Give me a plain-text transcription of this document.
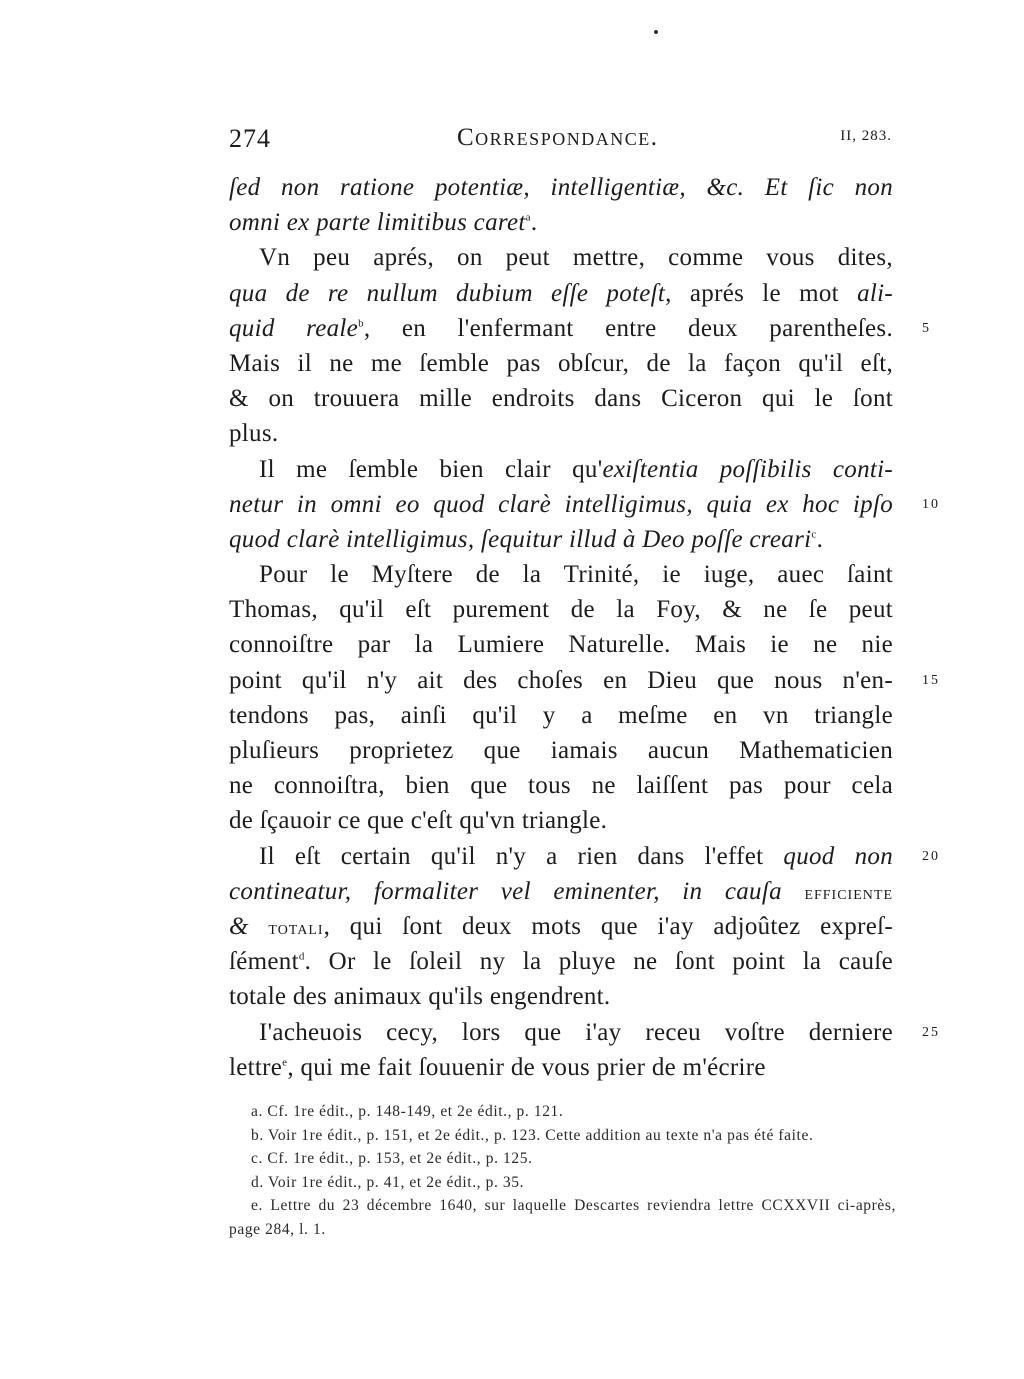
274	Correspondance.	II, 283.
ſed non ratione potentiæ, intelligentiæ, &c. Et ſic non
omni ex parte limitibus caret$^a$.
Vn peu aprés, on peut mettre, comme vous dites,
qua de re nullum dubium eſſe poteſt, aprés le mot ali-
quid reale$^b$, en l'enfermant entre deux parentheſes. 5
Mais il ne me ſemble pas obſcur, de la façon qu'il eſt,
& on trouuera mille endroits dans Ciceron qui le ſont
plus.
Il me ſemble bien clair qu'exiſtentia poſſibilis conti-
netur in omni eo quod clarè intelligimus, quia ex hoc ipſo 10
quod clarè intelligimus, ſequitur illud à Deo poſſe creari$^c$.
Pour le Myſtere de la Trinité, ie iuge, auec ſaint
Thomas, qu'il eſt purement de la Foy, & ne ſe peut
connoiſtre par la Lumiere Naturelle. Mais ie ne nie
point qu'il n'y ait des choſes en Dieu que nous n'en- 15
tendons pas, ainſi qu'il y a meſme en vn triangle
pluſieurs proprietez que iamais aucun Mathematicien
ne connoiſtra, bien que tous ne laiſſent pas pour cela
de ſçauoir ce que c'eſt qu'vn triangle.
Il eſt certain qu'il n'y a rien dans l'effet quod non 20
contineatur, formaliter vel eminenter, in cauſa efficiente
& totali, qui ſont deux mots que i'ay adjoûtez expreſ-
ſément$^d$. Or le ſoleil ny la pluye ne ſont point la cauſe
totale des animaux qu'ils engendrent.
I'acheuois cecy, lors que i'ay receu voſtre derniere 25
lettre$^e$, qui me fait ſouuenir de vous prier de m'écrire
a. Cf. 1re édit., p. 148-149, et 2e édit., p. 121.
b. Voir 1re édit., p. 151, et 2e édit., p. 123. Cette addition au texte n'a pas été faite.
c. Cf. 1re édit., p. 153, et 2e édit., p. 125.
d. Voir 1re édit., p. 41, et 2e édit., p. 35.
e. Lettre du 23 décembre 1640, sur laquelle Descartes reviendra lettre CCXXVII ci-après, page 284, l. 1.
